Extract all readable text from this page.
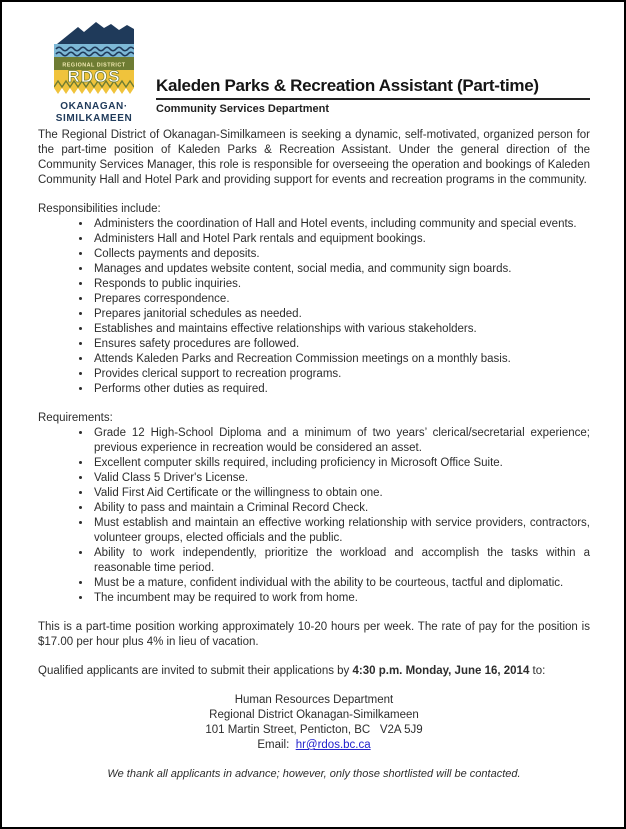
REGIONAL DISTRICT
RDOS
OKANAGAN·
SIMILKAMEEN
Kaleden Parks & Recreation Assistant (Part-time)
Community Services Department

The Regional District of Okanagan-Similkameen is seeking a dynamic, self-motivated, organized person for the part-time position of Kaleden Parks & Recreation Assistant. Under the general direction of the Community Services Manager, this role is responsible for overseeing the operation and bookings of Kaleden Community Hall and Hotel Park and providing support for events and recreation programs in the community.

Responsibilities include:
• Administers the coordination of Hall and Hotel events, including community and special events.
• Administers Hall and Hotel Park rentals and equipment bookings.
• Collects payments and deposits.
• Manages and updates website content, social media, and community sign boards.
• Responds to public inquiries.
• Prepares correspondence.
• Prepares janitorial schedules as needed.
• Establishes and maintains effective relationships with various stakeholders.
• Ensures safety procedures are followed.
• Attends Kaleden Parks and Recreation Commission meetings on a monthly basis.
• Provides clerical support to recreation programs.
• Performs other duties as required.
Requirements:
• Grade 12 High-School Diploma and a minimum of two years’ clerical/secretarial experience; previous experience in recreation would be considered an asset.
• Excellent computer skills required, including proficiency in Microsoft Office Suite.
• Valid Class 5 Driver's License.
• Valid First Aid Certificate or the willingness to obtain one.
• Ability to pass and maintain a Criminal Record Check.
• Must establish and maintain an effective working relationship with service providers, contractors, volunteer groups, elected officials and the public.
• Ability to work independently, prioritize the workload and accomplish the tasks within a reasonable time period.
• Must be a mature, confident individual with the ability to be courteous, tactful and diplomatic.
• The incumbent may be required to work from home.

This is a part-time position working approximately 10-20 hours per week. The rate of pay for the position is $17.00 per hour plus 4% in lieu of vacation.

Qualified applicants are invited to submit their applications by 4:30 p.m. Monday, June 16, 2014 to:

Human Resources Department
Regional District Okanagan-Similkameen
101 Martin Street, Penticton, BC   V2A 5J9
Email:  hr@rdos.bc.ca
We thank all applicants in advance; however, only those shortlisted will be contacted.
